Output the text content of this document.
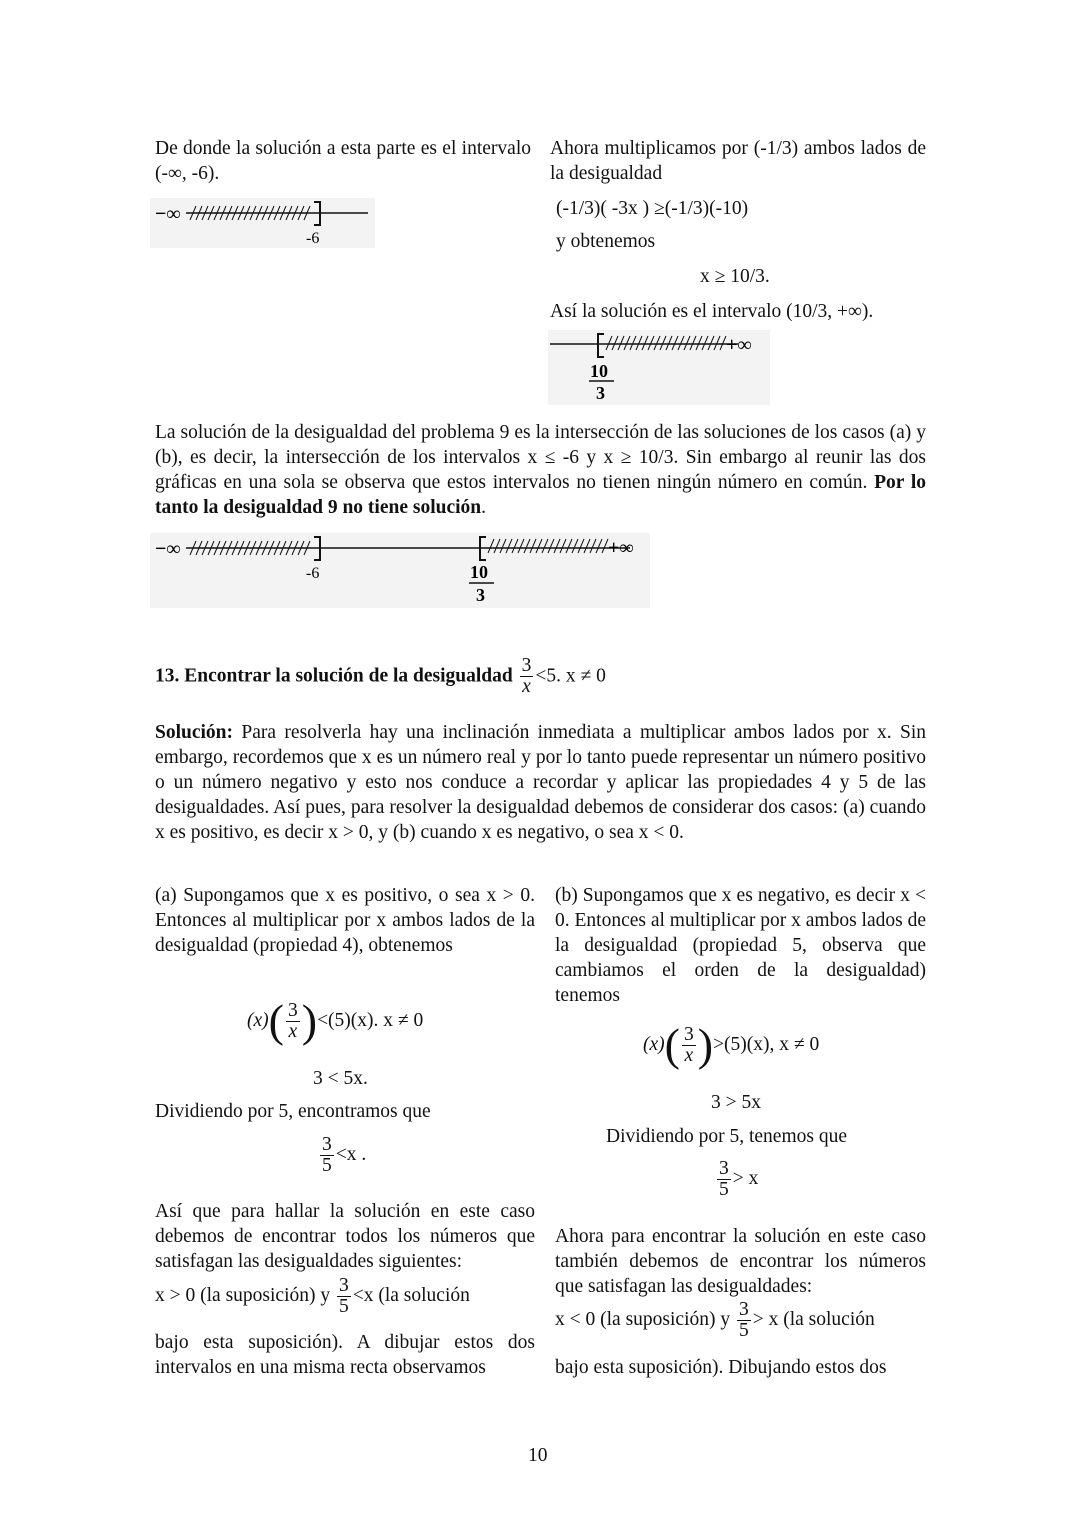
De donde la solución a esta parte es el intervalo (-∞, -6).
−∞
-6
Ahora multiplicamos por (-1/3) ambos lados de la desigualdad
(-1/3)( -3x ) ≥(-1/3)(-10)
y obtenemos
x ≥ 10/3.
Así la solución es el intervalo (10/3, +∞).
+∞
10
3
La solución de la desigualdad del problema 9 es la intersección de las soluciones de los casos (a) y (b), es decir, la intersección de los intervalos x ≤ -6 y x ≥ 10/3. Sin embargo al reunir las dos gráficas en una sola se observa que estos intervalos no tienen ningún número en común. Por lo tanto la desigualdad 9 no tiene solución.
−∞
-6
+∞
10
3
13. Encontrar la solución de la desigualdad $\frac{3}{x} <5$. x ≠ 0
Solución: Para resolverla hay una inclinación inmediata a multiplicar ambos lados por x. Sin embargo, recordemos que x es un número real y por lo tanto puede representar un número positivo o un número negativo y esto nos conduce a recordar y aplicar las propiedades 4 y 5 de las desigualdades. Así pues, para resolver la desigualdad debemos de considerar dos casos: (a) cuando x es positivo, es decir x > 0, y (b) cuando x es negativo, o sea x < 0.
(a) Supongamos que x es positivo, o sea x > 0. Entonces al multiplicar por x ambos lados de la desigualdad (propiedad 4), obtenemos
$(x)( \frac{3}{x} )<(5)(x)$. x ≠ 0
3 < 5x.
Dividiendo por 5, encontramos que
$\frac{3}{5} <x$ .
Así que para hallar la solución en este caso debemos de encontrar todos los números que satisfagan las desigualdades siguientes:
x > 0 (la suposición) y $\frac{3}{5} <x$ (la solución
bajo esta suposición). A dibujar estos dos intervalos en una misma recta observamos
(b) Supongamos que x es negativo, es decir x < 0. Entonces al multiplicar por x ambos lados de la desigualdad (propiedad 5, observa que cambiamos el orden de la desigualdad) tenemos
$(x)( \frac{3}{x} )>(5)(x)$, x ≠ 0
3 > 5x
Dividiendo por 5, tenemos que
$\frac{3}{5} > x$
Ahora para encontrar la solución en este caso también debemos de encontrar los números que satisfagan las desigualdades:
x < 0 (la suposición) y $\frac{3}{5} > x$ (la solución
bajo esta suposición). Dibujando estos dos
10
